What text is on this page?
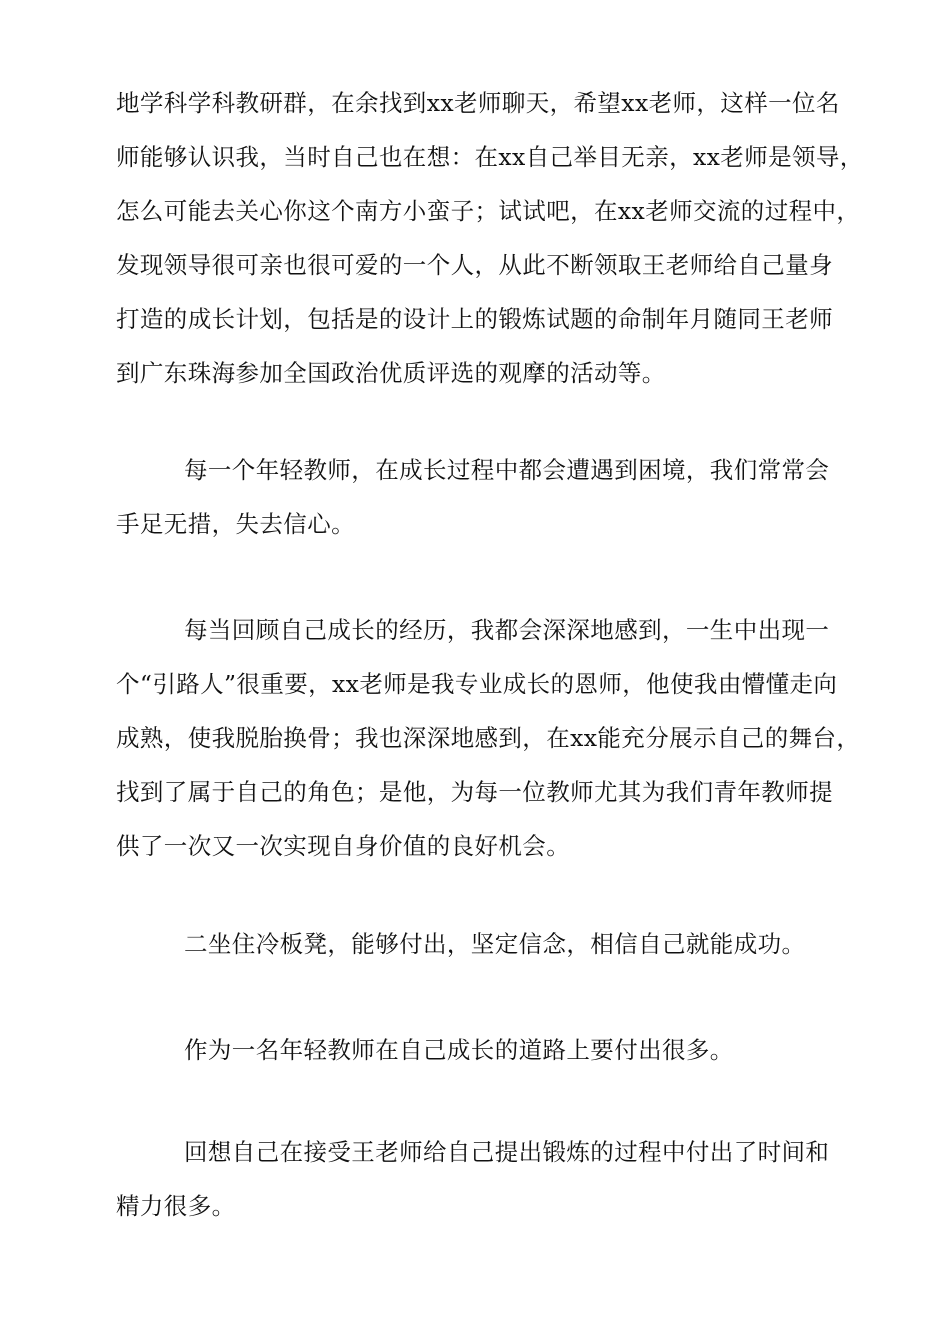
地学科学科教研群，在余找到xx老师聊天，希望xx老师，这样一位名
师能够认识我，当时自己也在想：在xx自己举目无亲，xx老师是领导，
怎么可能去关心你这个南方小蛮子；试试吧，在xx老师交流的过程中，
发现领导很可亲也很可爱的一个人，从此不断领取王老师给自己量身
打造的成长计划，包括是的设计上的锻炼试题的命制年月随同王老师
到广东珠海参加全国政治优质评选的观摩的活动等。

每一个年轻教师，在成长过程中都会遭遇到困境，我们常常会
手足无措，失去信心。

每当回顾自己成长的经历，我都会深深地感到，一生中出现一
个“引路人”很重要，xx老师是我专业成长的恩师，他使我由懵懂走向
成熟，使我脱胎换骨；我也深深地感到，在xx能充分展示自己的舞台，
找到了属于自己的角色；是他，为每一位教师尤其为我们青年教师提
供了一次又一次实现自身价值的良好机会。

二坐住冷板凳，能够付出，坚定信念，相信自己就能成功。

作为一名年轻教师在自己成长的道路上要付出很多。

回想自己在接受王老师给自己提出锻炼的过程中付出了时间和
精力很多。
